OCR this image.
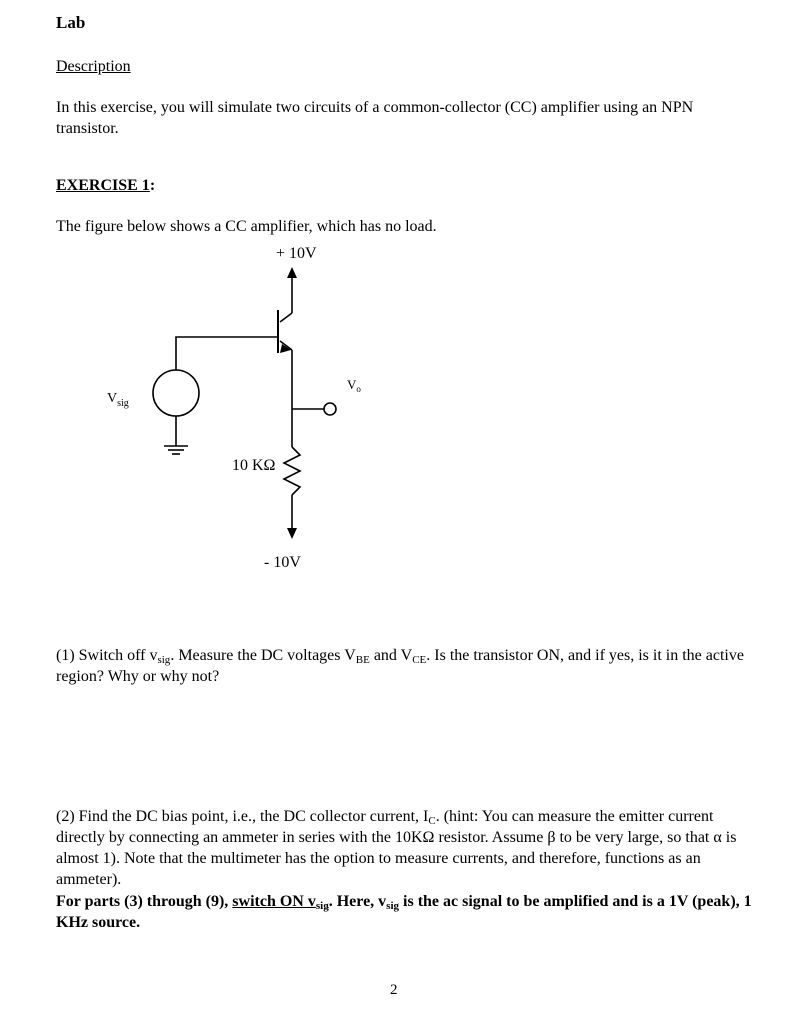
Lab
Description
In this exercise, you will simulate two circuits of a common-collector (CC) amplifier using an NPN transistor.
EXERCISE 1:
The figure below shows a CC amplifier, which has no load.
+ 10V
- 10V
10 KΩ
$V_{sig}$
$V_o$
(1) Switch off $v_{sig}$. Measure the DC voltages $V_{BE}$ and $V_{CE}$. Is the transistor ON, and if yes, is it in the active region? Why or why not?
(2) Find the DC bias point, i.e., the DC collector current, $I_C$. (hint: You can measure the emitter current directly by connecting an ammeter in series with the 10KΩ resistor. Assume β to be very large, so that α is almost 1). Note that the multimeter has the option to measure currents, and therefore, functions as an ammeter).
For parts (3) through (9), switch ON $v_{sig}$. Here, $v_{sig}$ is the ac signal to be amplified and is a 1V (peak), 1 KHz source.
2
